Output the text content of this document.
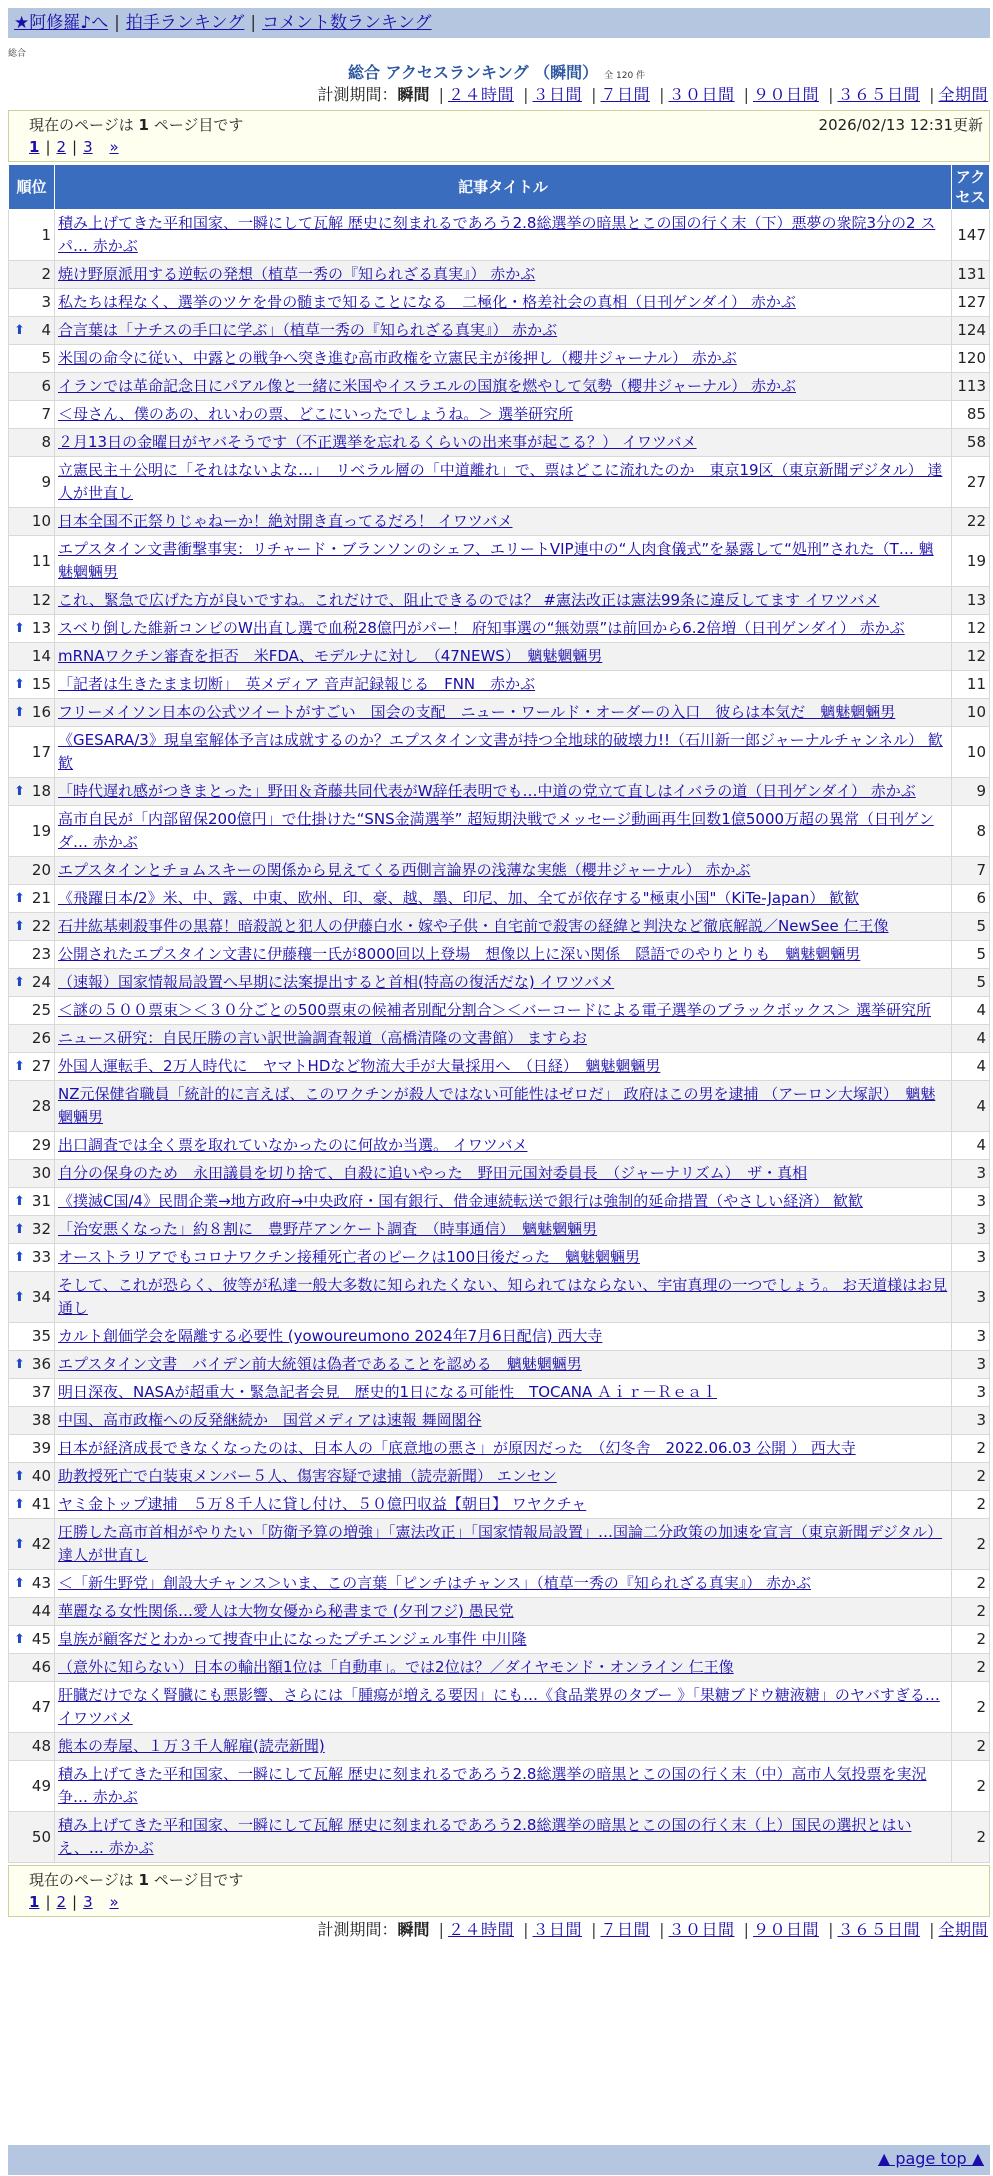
★阿修羅♪へ | 拍手ランキング | コメント数ランキング
総合
総合 アクセスランキング （瞬間） 全 120 件
計測期間：瞬間 | ２４時間 | ３日間 | ７日間 | ３０日間 | ９０日間 | ３６５日間 | 全期間
現在のページは 1 ページ目です	2026/02/13 12:31更新
1 | 2 | 3 »
順位	記事タイトル	アクセス
1	積み上げてきた平和国家、一瞬にして瓦解 歴史に刻まれるであろう2.8総選挙の暗黒とこの国の行く末（下）悪夢の衆院3分の2 スパ… 赤かぶ	147
2	焼け野原派用する逆転の発想（植草一秀の『知られざる真実』） 赤かぶ	131
3	私たちは程なく、選挙のツケを骨の髄まで知ることになる　二極化・格差社会の真相（日刊ゲンダイ） 赤かぶ	127

⬆ 4	合言葉は「ナチスの手口に学ぶ」（植草一秀の『知られざる真実』） 赤かぶ	124
5	米国の命令に従い、中露との戦争へ突き進む高市政権を立憲民主が後押し（櫻井ジャーナル） 赤かぶ	120
6	イランでは革命記念日にパアル像と一緒に米国やイスラエルの国旗を燃やして気勢（櫻井ジャーナル） 赤かぶ	113
7	＜母さん、僕のあの、れいわの票、どこにいったでしょうね。＞ 選挙研究所	85
8	２月13日の金曜日がヤバそうです（不正選挙を忘れるくらいの出来事が起こる？） イワツバメ	58
9	立憲民主＋公明に「それはないよな…」　リベラル層の「中道離れ」で、票はどこに流れたのか　東京19区（東京新聞デジタル） 達人が世直し	27
10	日本全国不正祭りじゃねーか！絶対開き直ってるだろ！ イワツバメ	22
11	エプスタイン文書衝撃事実：リチャード・ブランソンのシェフ、エリートVIP連中の“人肉食儀式”を暴露して“処刑”された（T… 魑魅魍魎男	19
12	これ、緊急で広げた方が良いですね。これだけで、阻止できるのでは？ #憲法改正は憲法99条に違反してます イワツバメ	13

⬆ 13	スベり倒した維新コンビのW出直し選で血税28億円がパー！ 府知事選の“無効票”は前回から6.2倍増（日刊ゲンダイ） 赤かぶ	12
14	mRNAワクチン審査を拒否　米FDA、モデルナに対し　（47NEWS）　魑魅魍魎男	12

⬆ 15	「記者は生きたまま切断」　英メディア 音声記録報じる　FNN　赤かぶ	11

⬆ 16	フリーメイソン日本の公式ツイートがすごい　国会の支配　ニュー・ワールド・オーダーの入口　彼らは本気だ　魑魅魍魎男	10
17	《GESARA/3》現皇室解体予言は成就するのか？エプスタイン文書が持つ全地球的破壊力!!（石川新一郎ジャーナルチャンネル） 歓歓	10

⬆ 18	「時代遅れ感がつきまとった」野田＆斉藤共同代表がW辞任表明でも…中道の党立て直しはイバラの道（日刊ゲンダイ） 赤かぶ	9
19	高市自民が「内部留保200億円」で仕掛けた“SNS金満選挙” 超短期決戦でメッセージ動画再生回数1億5000万超の異常（日刊ゲンダ… 赤かぶ	8
20	エプスタインとチョムスキーの関係から見えてくる西側言論界の浅薄な実態（櫻井ジャーナル） 赤かぶ	7

⬆ 21	《飛躍日本/2》米、中、露、中東、欧州、印、豪、越、墨、印尼、加、全てが依存する"極東小国"（KiTe-Japan） 歓歓	6

⬆ 22	石井紘基刺殺事件の黒幕！暗殺説と犯人の伊藤白水・嫁や子供・自宅前で殺害の経緯と判決など徹底解説／NewSee 仁王像	5
23	公開されたエプスタイン文書に伊藤穰一氏が8000回以上登場　想像以上に深い関係　隠語でのやりとりも　魑魅魍魎男	5

⬆ 24	（速報）国家情報局設置へ早期に法案提出すると首相(特高の復活だな) イワツバメ	5
25	＜謎の５００票束＞＜３０分ごとの500票束の候補者別配分割合＞＜バーコードによる電子選挙のブラックボックス＞ 選挙研究所	4
26	ニュース研究：自民圧勝の言い訳世論調査報道（高橋清隆の文書館） ますらお	4

⬆ 27	外国人運転手、2万人時代に　ヤマトHDなど物流大手が大量採用へ　（日経）　魑魅魍魎男	4
28	NZ元保健省職員「統計的に言えば、このワクチンが殺人ではない可能性はゼロだ」 政府はこの男を逮捕 （アーロン大塚訳）　魑魅魍魎男	4
29	出口調査では全く票を取れていなかったのに何故か当選。 イワツバメ	4
30	自分の保身のため　永田議員を切り捨て、自殺に追いやった　野田元国対委員長　（ジャーナリズム）　ザ・真相	3

⬆ 31	《撲滅C国/4》民間企業→地方政府→中央政府・国有銀行、借金連続転送で銀行は強制的延命措置（やさしい経済） 歓歓	3

⬆ 32	「治安悪くなった」約８割に　豊野芹アンケート調査　（時事通信）　魑魅魍魎男	3

⬆ 33	オーストラリアでもコロナワクチン接種死亡者のピークは100日後だった　魑魅魍魎男	3

⬆ 34	そして、これが恐らく、彼等が私達一般大多数に知られたくない、知られてはならない、宇宙真理の一つでしょう。 お天道様はお見通し	3
35	カルト創価学会を隔離する必要性 (yowoureumono 2024年7月6日配信) 西大寺	3

⬆ 36	エプスタイン文書　バイデン前大統領は偽者であることを認める　魑魅魍魎男	3
37	明日深夜、NASAが超重大・緊急記者会見　歴史的1日になる可能性　TOCANA Ａｉｒ－Ｒｅａｌ	3
38	中国、高市政権への反発継続か　国営メディアは速報 舞岡閣谷	3
39	日本が経済成長できなくなったのは、日本人の「底意地の悪さ」が原因だった　（幻冬舎　2022.06.03 公開 ） 西大寺	2

⬆ 40	助教授死亡で白装束メンバー５人、傷害容疑で逮捕（読売新聞） エンセン	2

⬆ 41	ヤミ金トップ逮捕　５万８千人に貸し付け、５０億円収益【朝日】 ワヤクチャ	2

⬆ 42	圧勝した高市首相がやりたい「防衛予算の増強」「憲法改正」「国家情報局設置」…国論二分政策の加速を宣言（東京新聞デジタル） 達人が世直し	2

⬆ 43	＜「新生野党」創設大チャンス＞いま、この言葉「ピンチはチャンス」（植草一秀の『知られざる真実』） 赤かぶ	2
44	華麗なる女性関係…愛人は大物女優から秘書まで (夕刊フジ) 愚民党	2

⬆ 45	皇族が顧客だとわかって捜査中止になったプチエンジェル事件 中川隆	2
46	（意外に知らない）日本の輸出額1位は「自動車」。では2位は？／ダイヤモンド・オンライン 仁王像	2
47	肝臓だけでなく腎臓にも悪影響、さらには「腫瘍が増える要因」にも…《食品業界のタブー 》「果糖ブドウ糖液糖」のヤバすぎる… イワツバメ	2
48	熊本の寿屋、１万３千人解雇(読売新聞)	2
49	積み上げてきた平和国家、一瞬にして瓦解 歴史に刻まれるであろう2.8総選挙の暗黒とこの国の行く末（中）高市人気投票を実況争… 赤かぶ	2
50	積み上げてきた平和国家、一瞬にして瓦解 歴史に刻まれるであろう2.8総選挙の暗黒とこの国の行く末（上）国民の選択とはいえ、… 赤かぶ	2
現在のページは 1 ページ目です
1 | 2 | 3 »
計測期間：瞬間 | ２４時間 | ３日間 | ７日間 | ３０日間 | ９０日間 | ３６５日間 | 全期間
▲ page top ▲
